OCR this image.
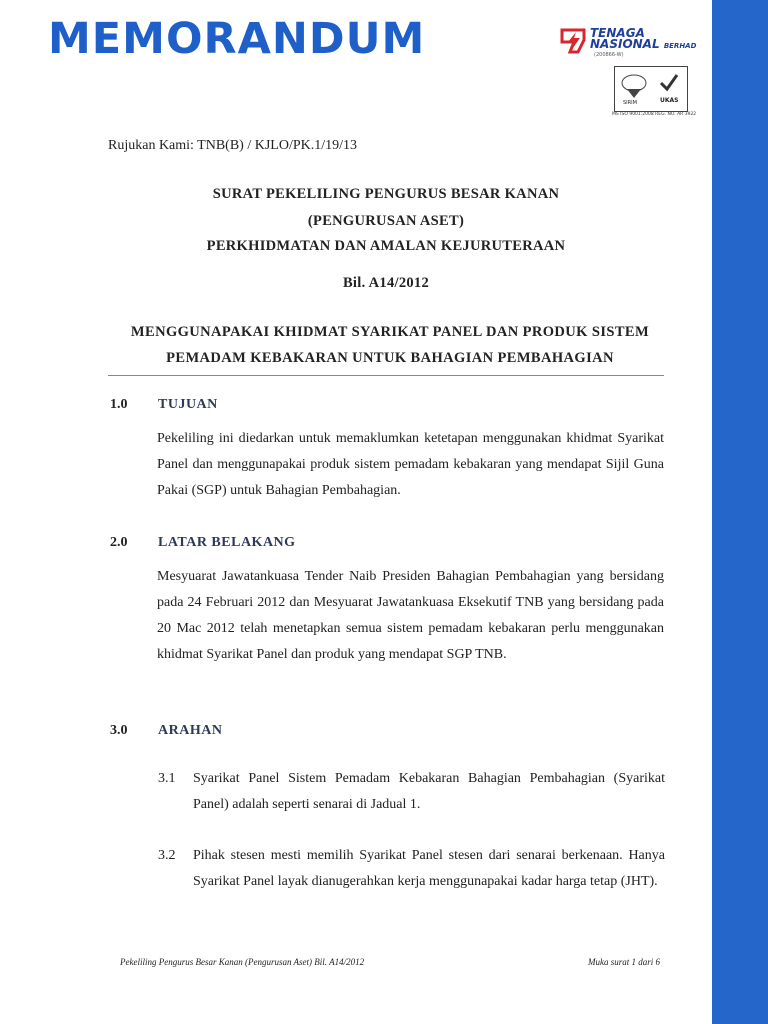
MEMORANDUM	TENAGA
NASIONAL BERHAD
(200866-W)
SIRIM	UKAS
MS ISO 9001:2008 REG. NO. AR 3922
Rujukan Kami: TNB(B) / KJLO/PK.1/19/13
SURAT PEKELILING PENGURUS BESAR KANAN
(PENGURUSAN ASET)
PERKHIDMATAN DAN AMALAN KEJURUTERAAN
Bil. A14/2012
MENGGUNAPAKAI KHIDMAT SYARIKAT PANEL DAN PRODUK SISTEM
PEMADAM KEBAKARAN UNTUK BAHAGIAN PEMBAHAGIAN
1.0 TUJUAN
Pekeliling ini diedarkan untuk memaklumkan ketetapan menggunakan khidmat Syarikat Panel dan menggunapakai produk sistem pemadam kebakaran yang mendapat Sijil Guna Pakai (SGP) untuk Bahagian Pembahagian.
2.0 LATAR BELAKANG
Mesyuarat Jawatankuasa Tender Naib Presiden Bahagian Pembahagian yang bersidang pada 24 Februari 2012 dan Mesyuarat Jawatankuasa Eksekutif TNB yang bersidang pada 20 Mac 2012 telah menetapkan semua sistem pemadam kebakaran perlu menggunakan khidmat Syarikat Panel dan produk yang mendapat SGP TNB.
3.0 ARAHAN
3.1 Syarikat Panel Sistem Pemadam Kebakaran Bahagian Pembahagian (Syarikat Panel) adalah seperti senarai di Jadual 1.
3.2 Pihak stesen mesti memilih Syarikat Panel stesen dari senarai berkenaan. Hanya Syarikat Panel layak dianugerahkan kerja menggunapakai kadar harga tetap (JHT).
Pekeliling Pengurus Besar Kanan (Pengurusan Aset) Bil. A14/2012	Muka surat 1 dari 6
